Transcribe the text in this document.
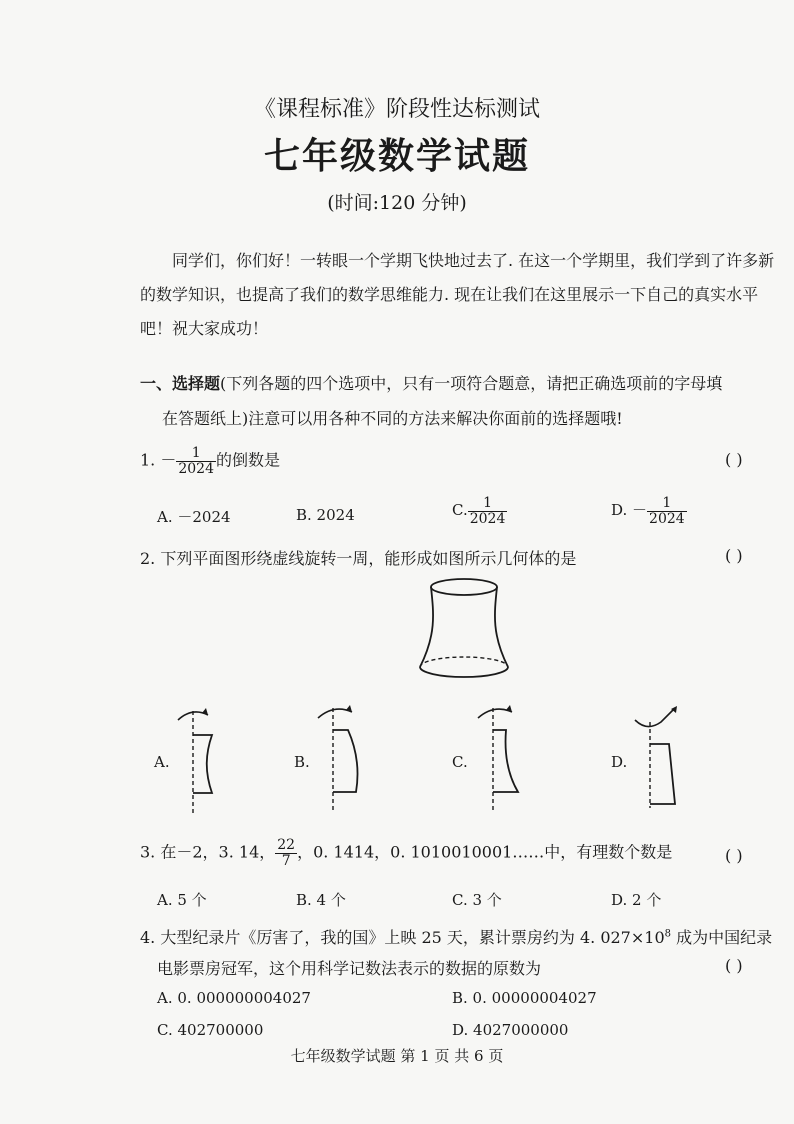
《课程标准》阶段性达标测试
七年级数学试题
(时间:120 分钟)
同学们，你们好！一转眼一个学期飞快地过去了. 在这一个学期里，我们学到了许多新的数学知识，也提高了我们的数学思维能力. 现在让我们在这里展示一下自己的真实水平吧！祝大家成功！
一、选择题(下列各题的四个选项中，只有一项符合题意，请把正确选项前的字母填
在答题纸上)注意可以用各种不同的方法来解决你面前的选择题哦!
1. － $\frac{1}{2024}$ 的倒数是	( )
A. －2024	B. 2024	C. $\frac{1}{2024}$	D. － $\frac{1}{2024}$
2. 下列平面图形绕虚线旋转一周，能形成如图所示几何体的是	( )
A.	B.	C.	D.
3. 在－2，3. 14， $\frac{22}{7}$ ，0. 1414，0. 1010010001……中，有理数个数是	( )
A. 5 个	B. 4 个	C. 3 个	D. 2 个
4. 大型纪录片《厉害了，我的国》上映 25 天，累计票房约为 4. $027\times 10^8$ 成为中国纪录
电影票房冠军，这个用科学记数法表示的数据的原数为	( )
A. 0. 000000004027	B. 0. 00000004027
C. 402700000	D. 4027000000
七年级数学试题 第 1 页 共 6 页
